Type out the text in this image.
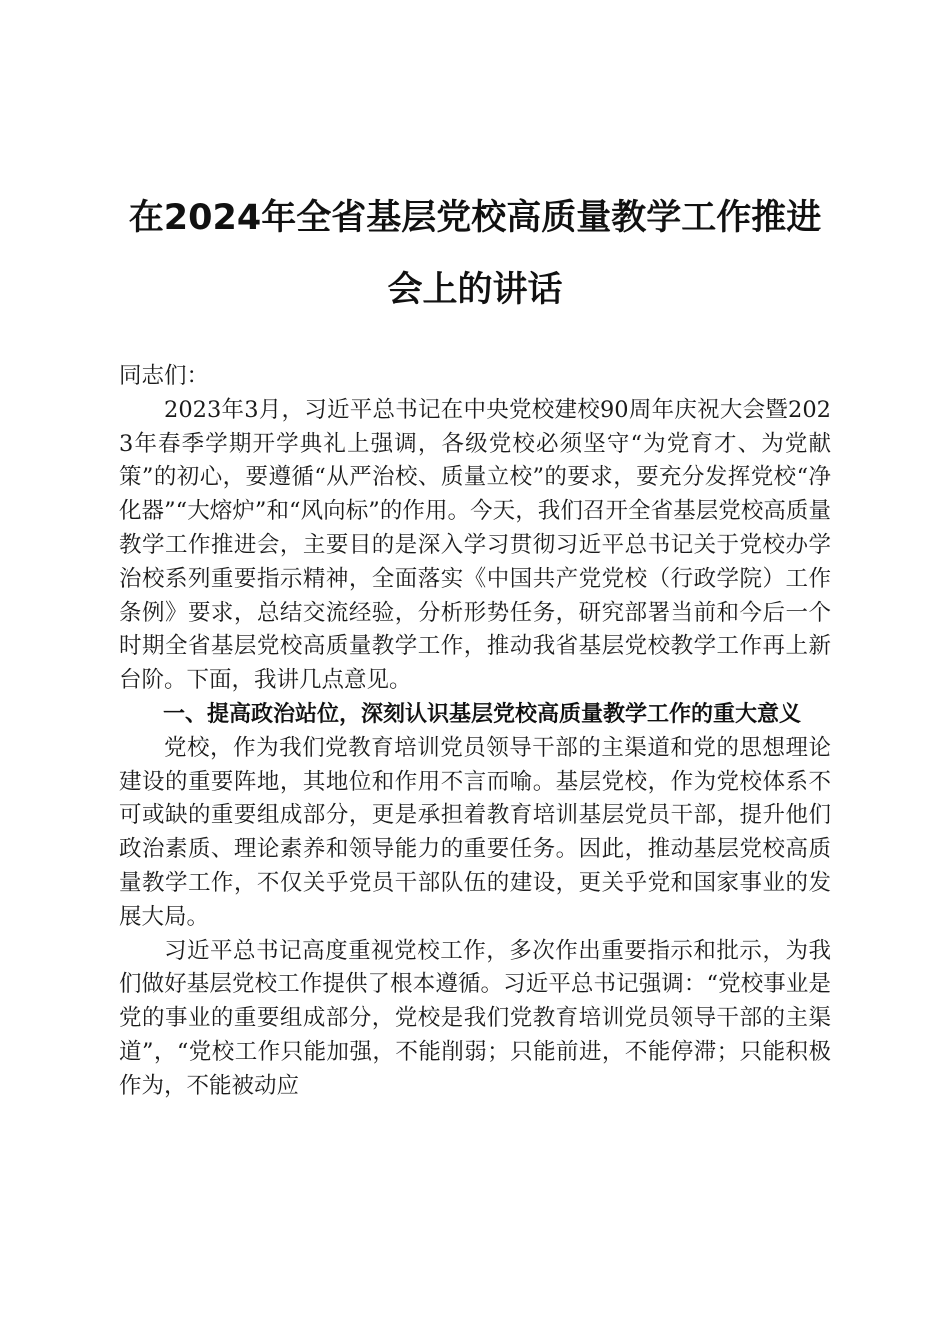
在2024年全省基层党校高质量教学工作推进
会上的讲话

同志们：

2023年3月，习近平总书记在中央党校建校90周年庆祝大会暨2023年春季学期开学典礼上强调，各级党校必须坚守“为党育才、为党献策”的初心，要遵循“从严治校、质量立校”的要求，要充分发挥党校“净化器”“大熔炉”和“风向标”的作用。今天，我们召开全省基层党校高质量教学工作推进会，主要目的是深入学习贯彻习近平总书记关于党校办学治校系列重要指示精神，全面落实《中国共产党党校（行政学院）工作条例》要求，总结交流经验，分析形势任务，研究部署当前和今后一个时期全省基层党校高质量教学工作，推动我省基层党校教学工作再上新台阶。下面，我讲几点意见。

一、提高政治站位，深刻认识基层党校高质量教学工作的重大意义

党校，作为我们党教育培训党员领导干部的主渠道和党的思想理论建设的重要阵地，其地位和作用不言而喻。基层党校，作为党校体系不可或缺的重要组成部分，更是承担着教育培训基层党员干部，提升他们政治素质、理论素养和领导能力的重要任务。因此，推动基层党校高质量教学工作，不仅关乎党员干部队伍的建设，更关乎党和国家事业的发展大局。

习近平总书记高度重视党校工作，多次作出重要指示和批示，为我们做好基层党校工作提供了根本遵循。习近平总书记强调：“党校事业是党的事业的重要组成部分，党校是我们党教育培训党员领导干部的主渠道”，“党校工作只能加强，不能削弱；只能前进，不能停滞；只能积极作为，不能被动应
